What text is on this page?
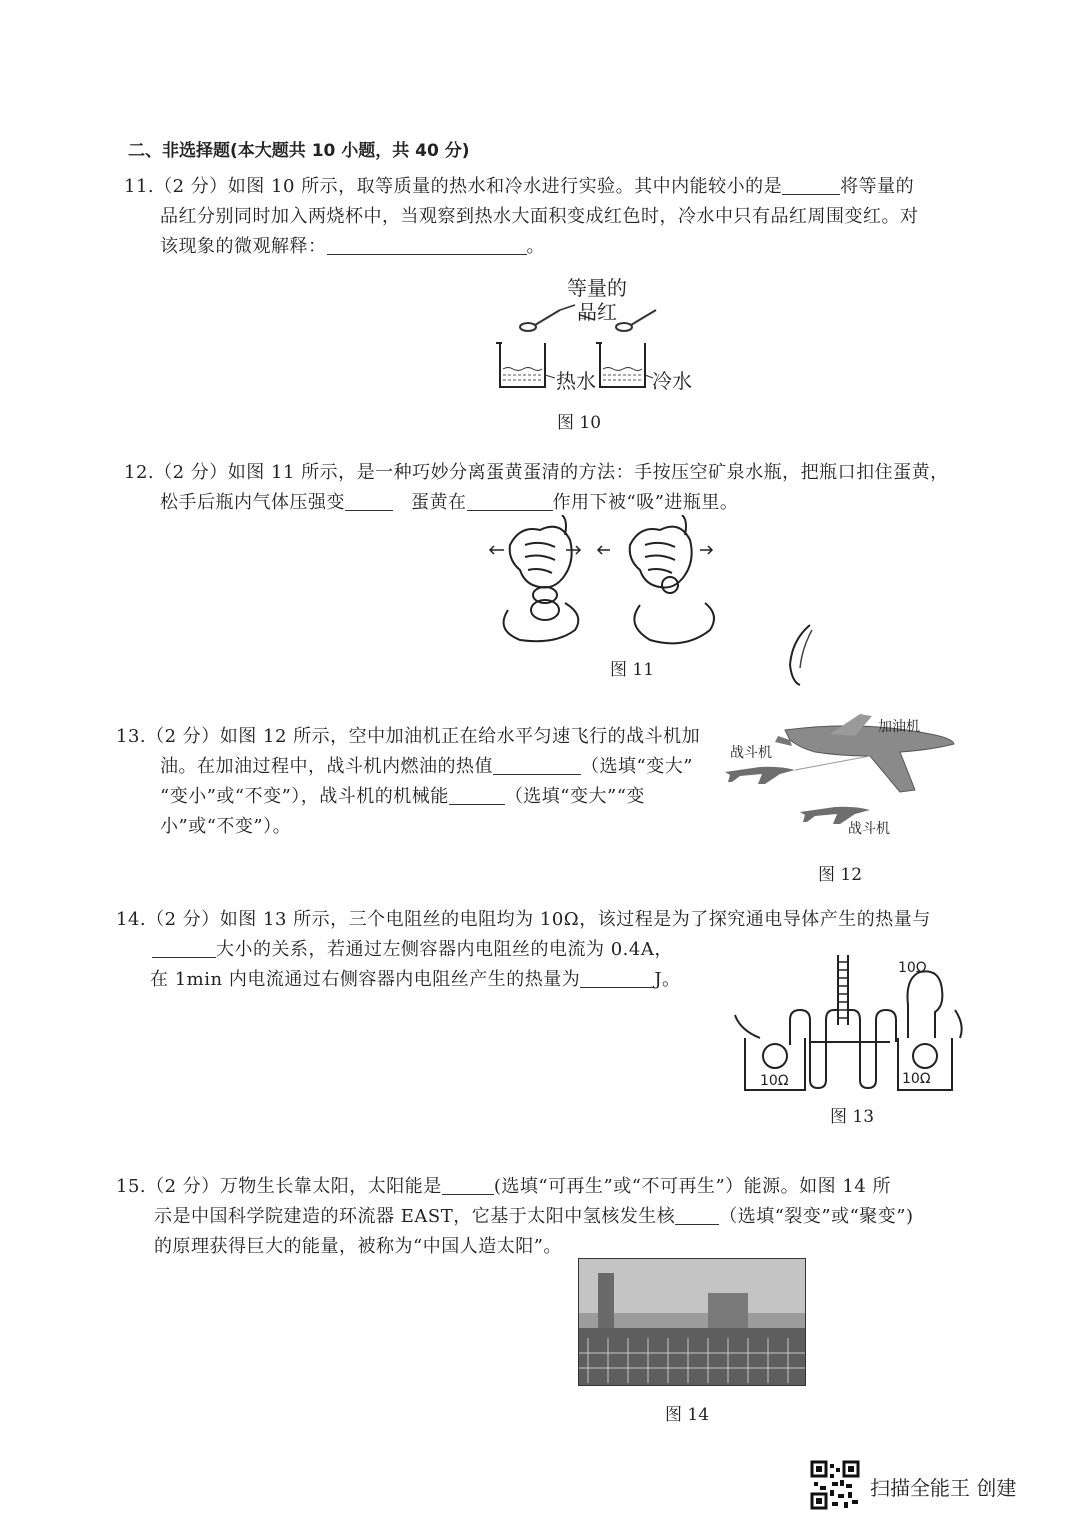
二、非选择题(本大题共 10 小题，共 40 分)
11.（2 分）如图 10 所示，取等质量的热水和冷水进行实验。其中内能较小的是	将等量的
品红分别同时加入两烧杯中，当观察到热水大面积变成红色时，冷水中只有品红周围变红。对
该现象的微观解释：	。
等量的
品红
热水	冷水
图 10
12.（2 分）如图 11 所示，是一种巧妙分离蛋黄蛋清的方法：手按压空矿泉水瓶，把瓶口扣住蛋黄，
松手后瓶内气体压强变	蛋黄在	作用下被“吸”进瓶里。
图 11
13.（2 分）如图 12 所示，空中加油机正在给水平匀速飞行的战斗机加
油。在加油过程中，战斗机内燃油的热值	（选填“变大”
“变小”或“不变”），战斗机的机械能	（选填“变大”“变
小”或“不变”）。
加油机
战斗机
战斗机
图 12
14.（2 分）如图 13 所示，三个电阻丝的电阻均为 10Ω，该过程是为了探究通电导体产生的热量与
大小的关系，若通过左侧容器内电阻丝的电流为 0.4A，
在 1min 内电流通过右侧容器内电阻丝产生的热量为	J。
10Ω
10Ω	10Ω
图 13
15.（2 分）万物生长靠太阳，太阳能是	(选填“可再生”或“不可再生”）能源。如图 14 所
示是中国科学院建造的环流器 EAST，它基于太阳中氢核发生核 （选填“裂变”或“聚变”)
的原理获得巨大的能量，被称为“中国人造太阳”。
图 14
扫描全能王 创建
